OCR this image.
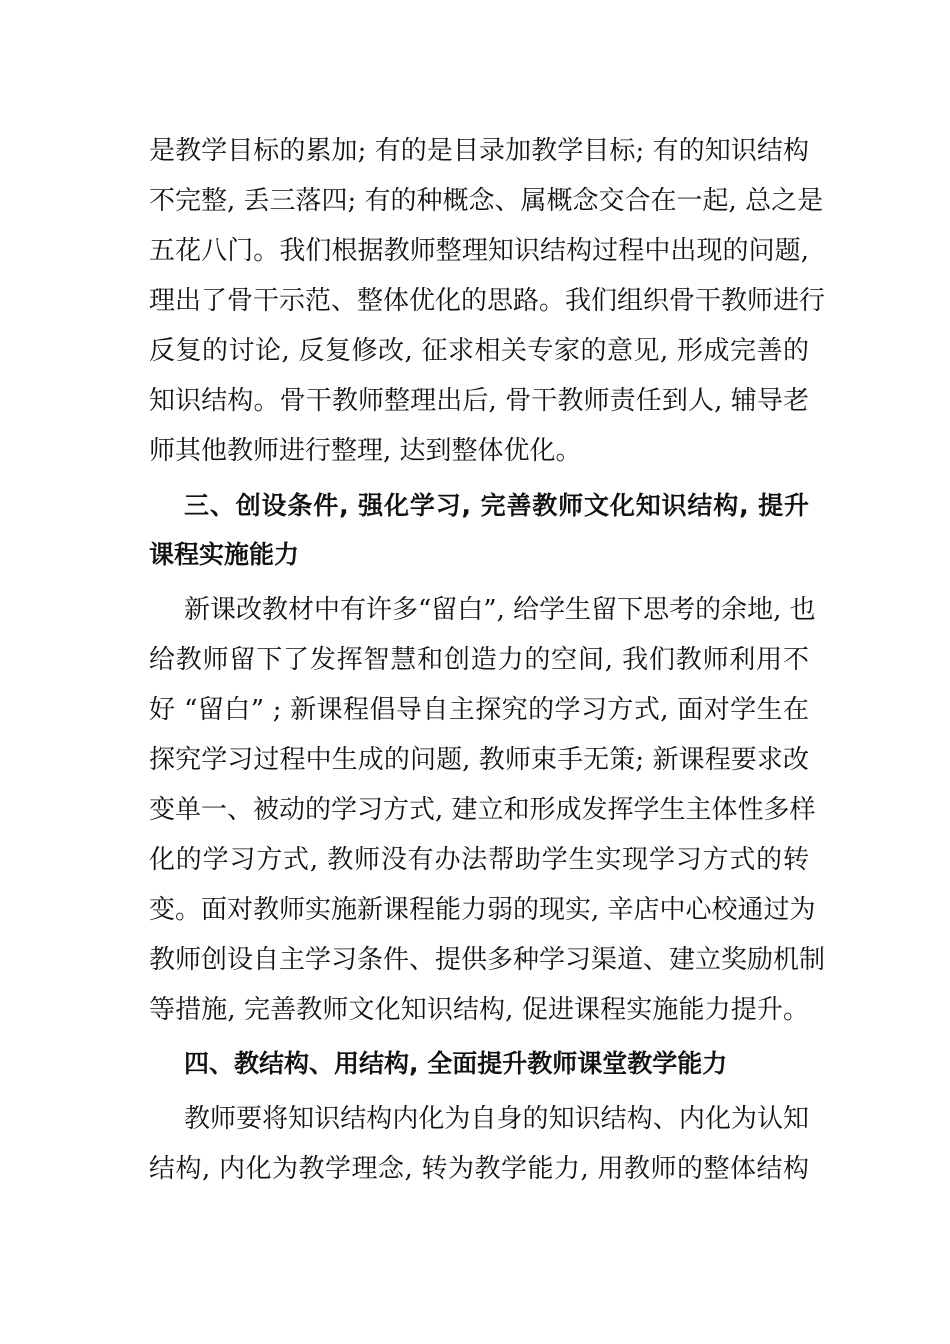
是教学目标的累加; 有的是目录加教学目标; 有的知识结构
不完整, 丢三落四; 有的种概念、属概念交合在一起, 总之是
五花八门。我们根据教师整理知识结构过程中出现的问题,
理出了骨干示范、整体优化的思路。我们组织骨干教师进行
反复的讨论, 反复修改, 征求相关专家的意见, 形成完善的
知识结构。骨干教师整理出后, 骨干教师责任到人, 辅导老
师其他教师进行整理, 达到整体优化。
三、创设条件, 强化学习, 完善教师文化知识结构, 提升
课程实施能力
新课改教材中有许多“留白”, 给学生留下思考的余地, 也
给教师留下了发挥智慧和创造力的空间, 我们教师利用不
好 “留白” ; 新课程倡导自主探究的学习方式, 面对学生在
探究学习过程中生成的问题, 教师束手无策; 新课程要求改
变单一、被动的学习方式, 建立和形成发挥学生主体性多样
化的学习方式, 教师没有办法帮助学生实现学习方式的转
变。面对教师实施新课程能力弱的现实, 辛店中心校通过为
教师创设自主学习条件、提供多种学习渠道、建立奖励机制
等措施, 完善教师文化知识结构, 促进课程实施能力提升。
四、教结构、用结构, 全面提升教师课堂教学能力
教师要将知识结构内化为自身的知识结构、内化为认知
结构, 内化为教学理念, 转为教学能力, 用教师的整体结构
